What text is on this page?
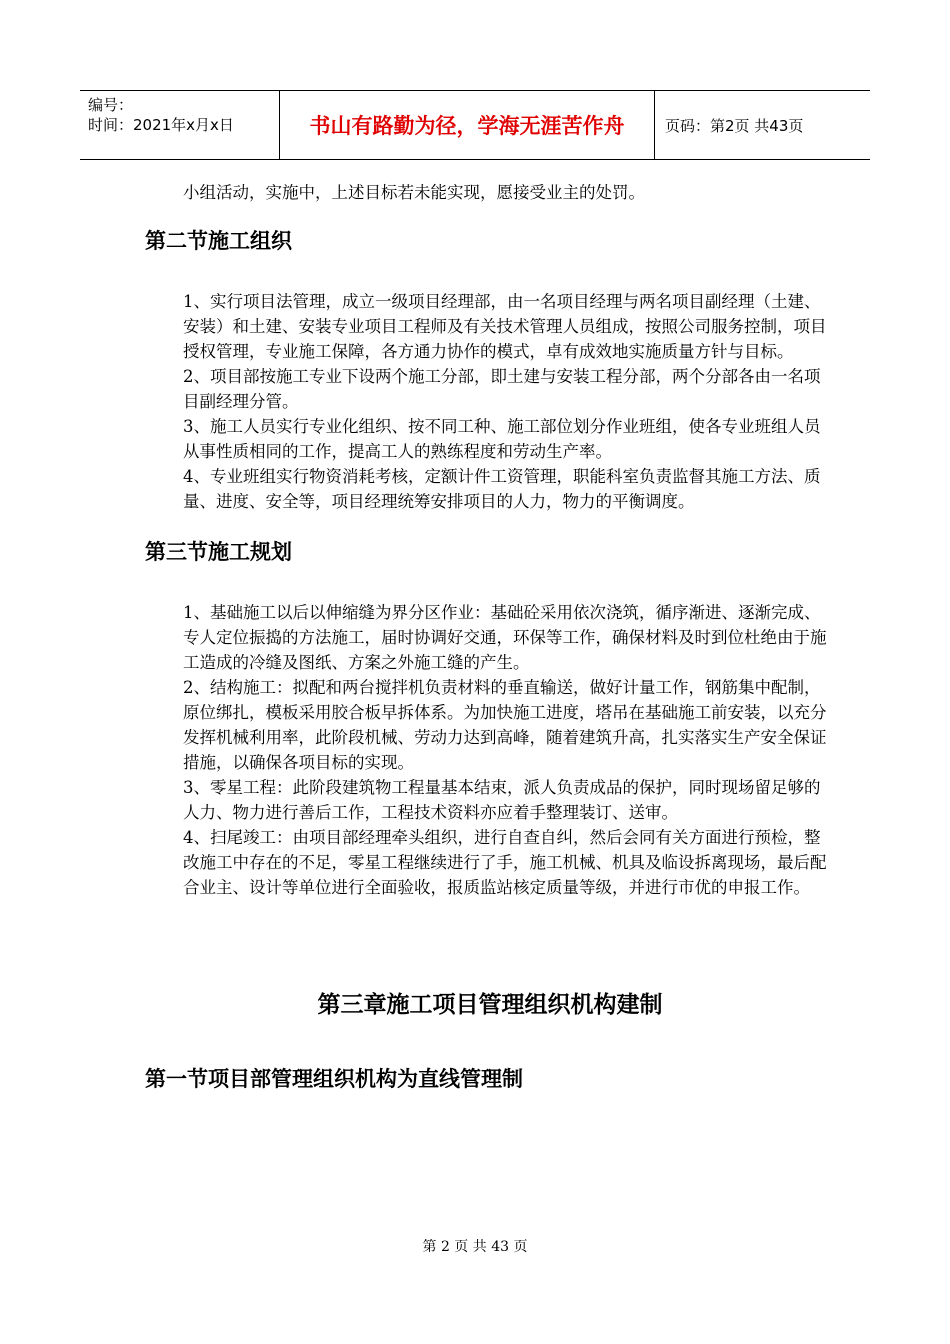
编号：
时间：2021年x月x日	书山有路勤为径，学海无涯苦作舟	页码：第2页 共43页

小组活动，实施中，上述目标若未能实现，愿接受业主的处罚。

第二节施工组织

1、实行项目法管理，成立一级项目经理部，由一名项目经理与两名项目副经理（土建、安装）和土建、安装专业项目工程师及有关技术管理人员组成，按照公司服务控制，项目授权管理，专业施工保障，各方通力协作的模式，卓有成效地实施质量方针与目标。

2、项目部按施工专业下设两个施工分部，即土建与安装工程分部，两个分部各由一名项目副经理分管。

3、施工人员实行专业化组织、按不同工种、施工部位划分作业班组，使各专业班组人员从事性质相同的工作，提高工人的熟练程度和劳动生产率。

4、专业班组实行物资消耗考核，定额计件工资管理，职能科室负责监督其施工方法、质量、进度、安全等，项目经理统筹安排项目的人力，物力的平衡调度。

第三节施工规划

1、基础施工以后以伸缩缝为界分区作业：基础砼采用依次浇筑，循序渐进、逐渐完成、专人定位振捣的方法施工，届时协调好交通，环保等工作，确保材料及时到位杜绝由于施工造成的冷缝及图纸、方案之外施工缝的产生。

2、结构施工：拟配和两台搅拌机负责材料的垂直输送，做好计量工作，钢筋集中配制，原位绑扎，模板采用胶合板早拆体系。为加快施工进度，塔吊在基础施工前安装，以充分发挥机械利用率，此阶段机械、劳动力达到高峰，随着建筑升高，扎实落实生产安全保证措施，以确保各项目标的实现。

3、零星工程：此阶段建筑物工程量基本结束，派人负责成品的保护，同时现场留足够的人力、物力进行善后工作，工程技术资料亦应着手整理装订、送审。

4、扫尾竣工：由项目部经理牵头组织，进行自查自纠，然后会同有关方面进行预检，整改施工中存在的不足，零星工程继续进行了手，施工机械、机具及临设拆离现场，最后配合业主、设计等单位进行全面验收，报质监站核定质量等级，并进行市优的申报工作。

第三章施工项目管理组织机构建制
第一节项目部管理组织机构为直线管理制
第 2 页 共 43 页
